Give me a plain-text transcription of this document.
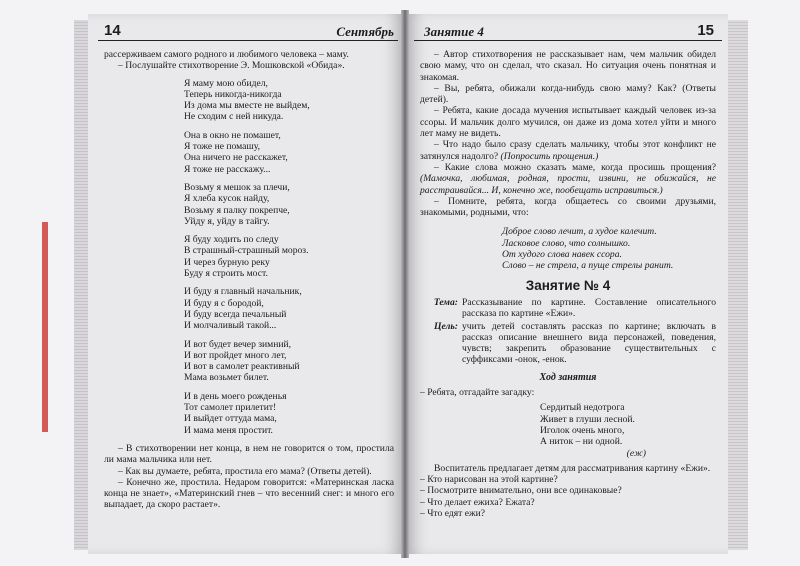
14	Сентябрь Занятие 4	15

рассерживаем самого родного и любимого человека – маму.

– Послушайте стихотворение Э. Мошковской «Обида».

Я маму мою обидел,
Теперь никогда-никогда
Из дома мы вместе не выйдем,
Не сходим с ней никуда.
Она в окно не помашет,
Я тоже не помашу,
Она ничего не расскажет,
Я тоже не расскажу...
Возьму я мешок за плечи,
Я хлеба кусок найду,
Возьму я палку покрепче,
Уйду я, уйду в тайгу.
Я буду ходить по следу
В страшный-страшный мороз.
И через бурную реку
Буду я строить мост.
И буду я главный начальник,
И буду я с бородой,
И буду всегда печальный
И молчаливый такой...
И вот будет вечер зимний,
И вот пройдет много лет,
И вот в самолет реактивный
Мама возьмет билет.
И в день моего рожденья
Тот самолет прилетит!
И выйдет оттуда мама,
И мама меня простит.

– В стихотворении нет конца, в нем не говорится о том, простила ли мама мальчика или нет.

– Как вы думаете, ребята, простила его мама? (Ответы детей).

– Конечно же, простила. Недаром говорится: «Материнская ласка конца не знает», «Материнский гнев – что весенний снег: и много его выпадает, да скоро растает».

– Автор стихотворения не рассказывает нам, чем мальчик обидел свою маму, что он сделал, что сказал. Но ситуация очень понятная и знакомая.

– Вы, ребята, обижали когда-нибудь свою маму? Как? (Ответы детей).

– Ребята, какие досада мучения испытывает каждый человек из-за ссоры. И мальчик долго мучился, он даже из дома хотел уйти и много лет маму не видеть.

– Что надо было сразу сделать мальчику, чтобы этот конфликт не затянулся надолго? (Попросить прощения.)

– Какие слова можно сказать маме, когда просишь прощения? (Мамочка, любимая, родная, прости, извини, не обижайся, не расстраивайся... И, конечно же, пообещать исправиться.)

– Помните, ребята, когда общаетесь со своими друзьями, знакомыми, родными, что:

Доброе слово лечит, а худое калечит.
Ласковое слово, что солнышко.
От худого слова навек ссора.
Слово – не стрела, а пуще стрелы ранит.
Занятие № 4
Тема: Рассказывание по картине. Составление описательного рассказа по картине «Ежи».
Цель: учить детей составлять рассказ по картине; включать в рассказ описание внешнего вида персонажей, поведения, чувств; закрепить образование существительных с суффиксами -онок, -енок.
Ход занятия

– Ребята, отгадайте загадку:

Сердитый недотрога
Живет в глуши лесной.
Иголок очень много,
А ниток – ни одной.
(еж)

Воспитатель предлагает детям для рассматривания картину «Ежи».

– Кто нарисован на этой картине?
– Посмотрите внимательно, они все одинаковые?
– Что делает ежиха? Ежата?
– Что едят ежи?
